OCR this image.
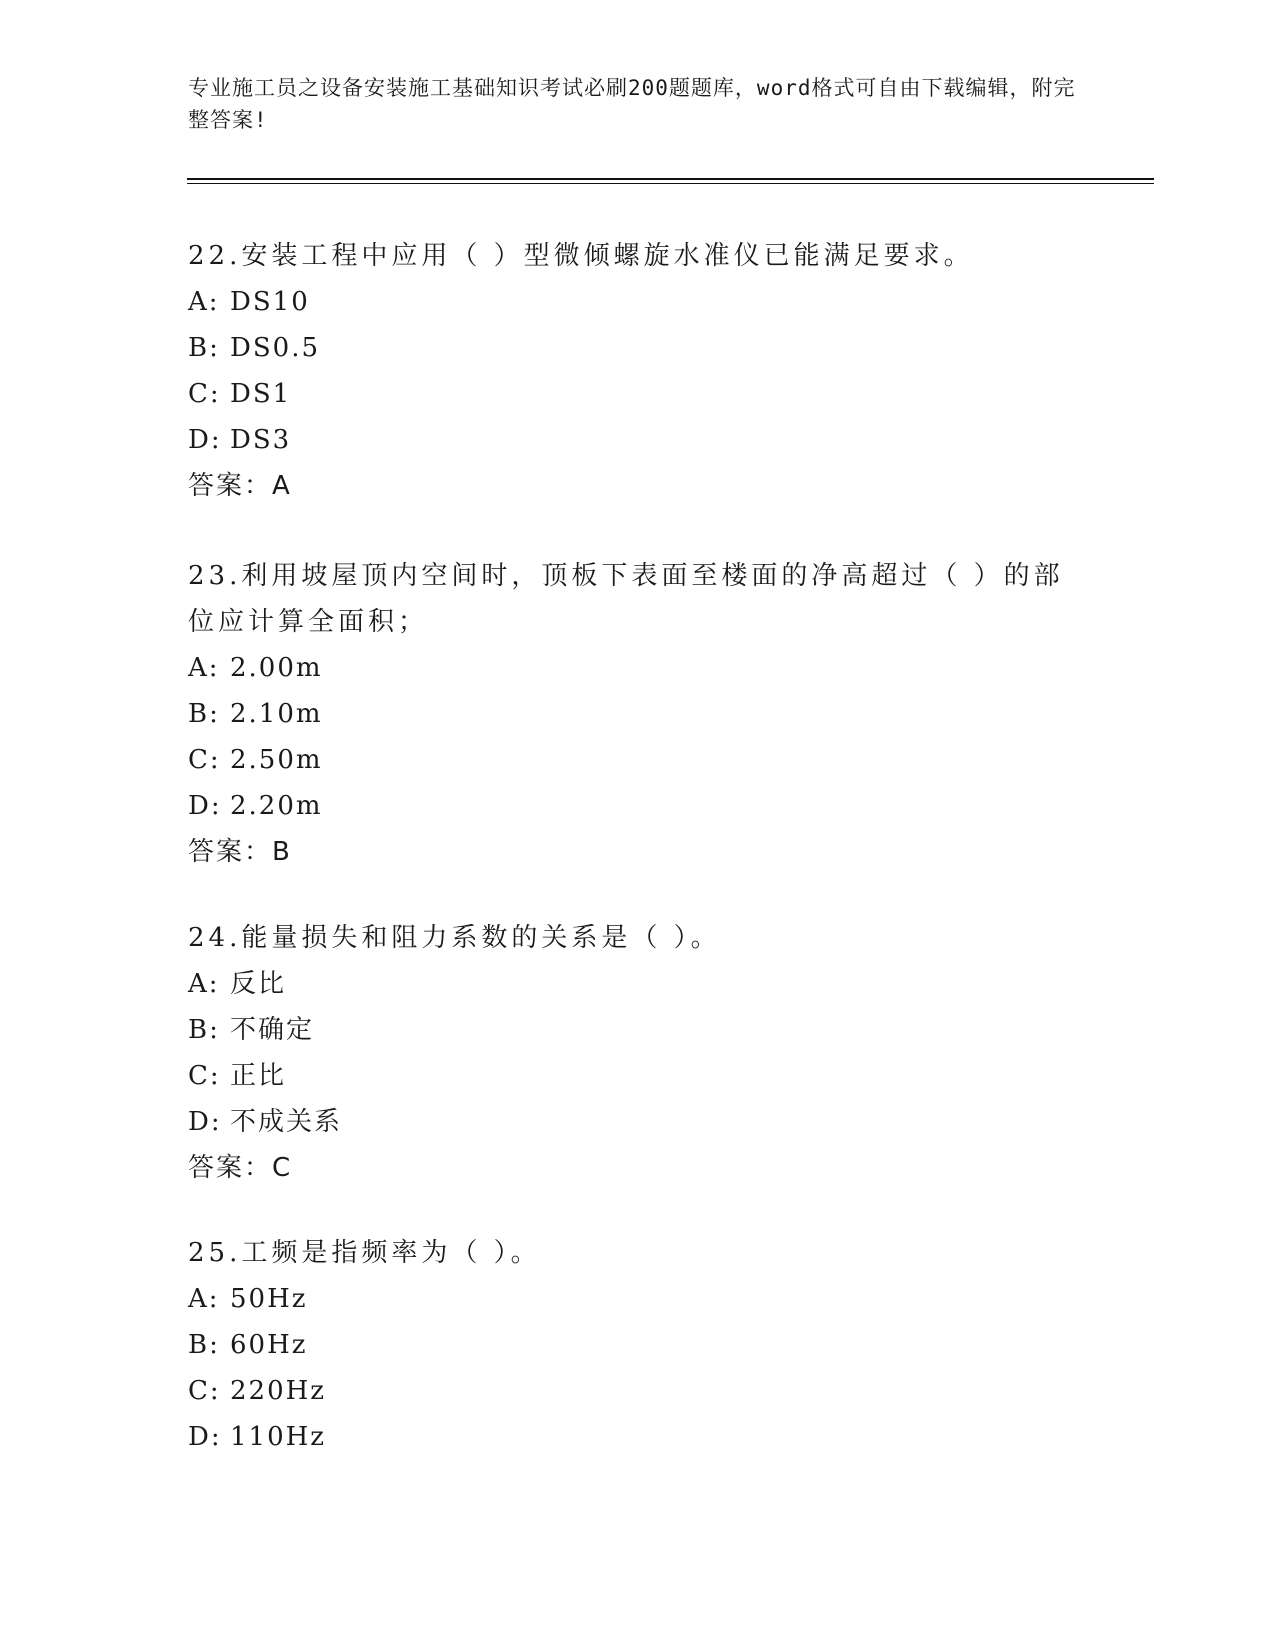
专业施工员之设备安装施工基础知识考试必刷200题题库，word格式可自由下载编辑，附完整答案!

22.安装工程中应用（ ）型微倾螺旋水准仪已能满足要求。

A: DS10
B: DS0.5
C: DS1
D: DS3
答案：A

23.利用坡屋顶内空间时，顶板下表面至楼面的净高超过（ ）的部位应计算全面积；

A: 2.00m
B: 2.10m
C: 2.50m
D: 2.20m
答案：B

24.能量损失和阻力系数的关系是（ ）。

A: 反比
B: 不确定
C: 正比
D: 不成关系
答案：C

25.工频是指频率为（ ）。

A: 50Hz
B: 60Hz
C: 220Hz
D: 110Hz
